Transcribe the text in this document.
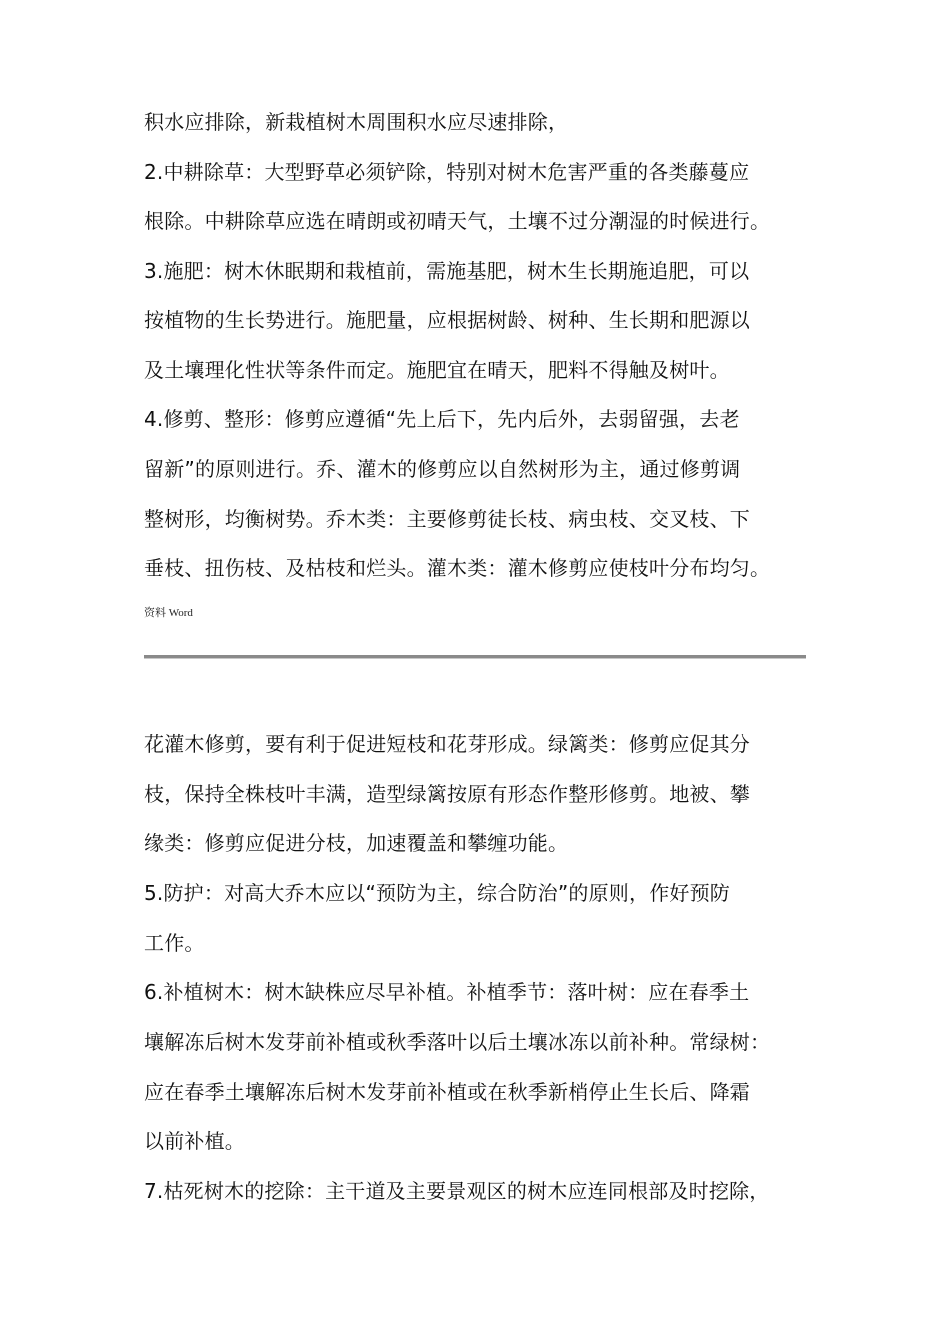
积水应排除，新栽植树木周围积水应尽速排除，
2.中耕除草：大型野草必须铲除，特别对树木危害严重的各类藤蔓应
根除。中耕除草应选在晴朗或初晴天气，土壤不过分潮湿的时候进行。
3.施肥：树木休眠期和栽植前，需施基肥，树木生长期施追肥，可以
按植物的生长势进行。施肥量，应根据树龄、树种、生长期和肥源以
及土壤理化性状等条件而定。施肥宜在晴天，肥料不得触及树叶。
4.修剪、整形：修剪应遵循“先上后下，先内后外，去弱留强，去老
留新”的原则进行。乔、灌木的修剪应以自然树形为主，通过修剪调
整树形，均衡树势。乔木类：主要修剪徒长枝、病虫枝、交叉枝、下
垂枝、扭伤枝、及枯枝和烂头。灌木类：灌木修剪应使枝叶分布均匀。
资料 Word
花灌木修剪，要有利于促进短枝和花芽形成。绿篱类：修剪应促其分
枝，保持全株枝叶丰满，造型绿篱按原有形态作整形修剪。地被、攀
缘类：修剪应促进分枝，加速覆盖和攀缠功能。
5.防护：对高大乔木应以“预防为主，综合防治”的原则，作好预防
工作。
6.补植树木：树木缺株应尽早补植。补植季节：落叶树：应在春季土
壤解冻后树木发芽前补植或秋季落叶以后土壤冰冻以前补种。常绿树：
应在春季土壤解冻后树木发芽前补植或在秋季新梢停止生长后、降霜
以前补植。
7.枯死树木的挖除：主干道及主要景观区的树木应连同根部及时挖除，
